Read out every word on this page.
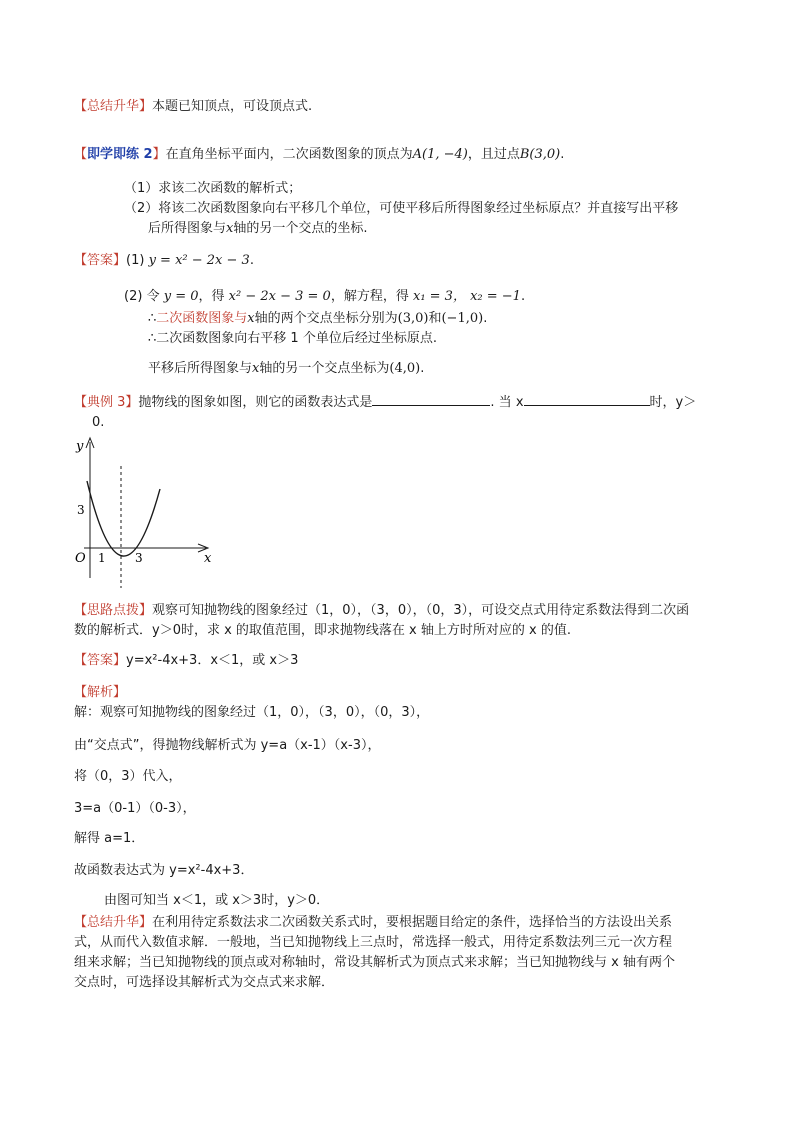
【总结升华】本题已知顶点，可设顶点式.
【即学即练 2】在直角坐标平面内，二次函数图象的顶点为A(1, −4)，且过点B(3,0).
（1）求该二次函数的解析式；
（2）将该二次函数图象向右平移几个单位，可使平移后所得图象经过坐标原点？并直接写出平移
后所得图象与x轴的另一个交点的坐标.
【答案】(1) y = x² − 2x − 3.
(2) 令 y = 0，得 x² − 2x − 3 = 0，解方程，得 x₁ = 3， x₂ = −1.
∴二次函数图象与x轴的两个交点坐标分别为(3,0)和(−1,0).
∴二次函数图象向右平移 1 个单位后经过坐标原点.
平移后所得图象与x轴的另一个交点坐标为(4,0).
【典例 3】抛物线的图象如图，则它的函数表达式是	. 当 x	时，y＞
0.
y
x
O
3
1 3
【思路点拨】观察可知抛物线的图象经过（1，0），（3，0），（0，3），可设交点式用待定系数法得到二次函
数的解析式．y＞0时，求 x 的取值范围，即求抛物线落在 x 轴上方时所对应的 x 的值.
【答案】y=x²-4x+3．x＜1，或 x＞3
【解析】
解：观察可知抛物线的图象经过（1，0），（3，0），（0，3），
由“交点式”，得抛物线解析式为 y=a（x-1）（x-3），
将（0，3）代入，
3=a（0-1）（0-3），
解得 a=1．
故函数表达式为 y=x²-4x+3．
由图可知当 x＜1，或 x＞3时，y＞0．
【总结升华】在利用待定系数法求二次函数关系式时，要根据题目给定的条件，选择恰当的方法设出关系
式，从而代入数值求解．一般地，当已知抛物线上三点时，常选择一般式，用待定系数法列三元一次方程
组来求解；当已知抛物线的顶点或对称轴时，常设其解析式为顶点式来求解；当已知抛物线与 x 轴有两个
交点时，可选择设其解析式为交点式来求解．
